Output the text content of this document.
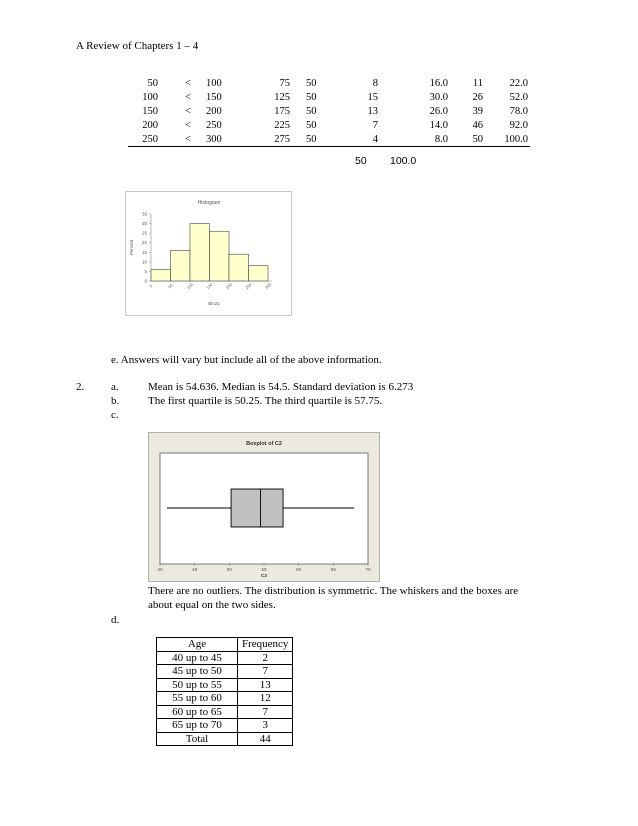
A Review of Chapters 1 – 4
50	< 100	75 50	8	16.0	11	22.0
100	< 150	125 50	15	30.0	26	52.0
150	< 200	175 50	13	26.0	39	78.0
200	< 250	225 50	7	14.0	46	92.0
250	< 300	275 50	4	8.0	50	100.0
50 100.0
Histogram
0
5
10
15
20
25
30
35
Percent
0	50	100	150	200	250	300
Bin21
e. Answers will vary but include all of the above information.
2. a.	Mean is 54.636. Median is 54.5. Standard deviation is 6.273
b.	The first quartile is 50.25. The third quartile is 57.75.
c.
Boxplot of C2
40	45	50	55	60	65	70
C2
There are no outliers. The distribution is symmetric. The whiskers and the boxes are
about equal on the two sides.
d.
Age	Frequency
40 up to 45	2
45 up to 50	7
50 up to 55	13
55 up to 60	12
60 up to 65	7
65 up to 70	3
Total	44
